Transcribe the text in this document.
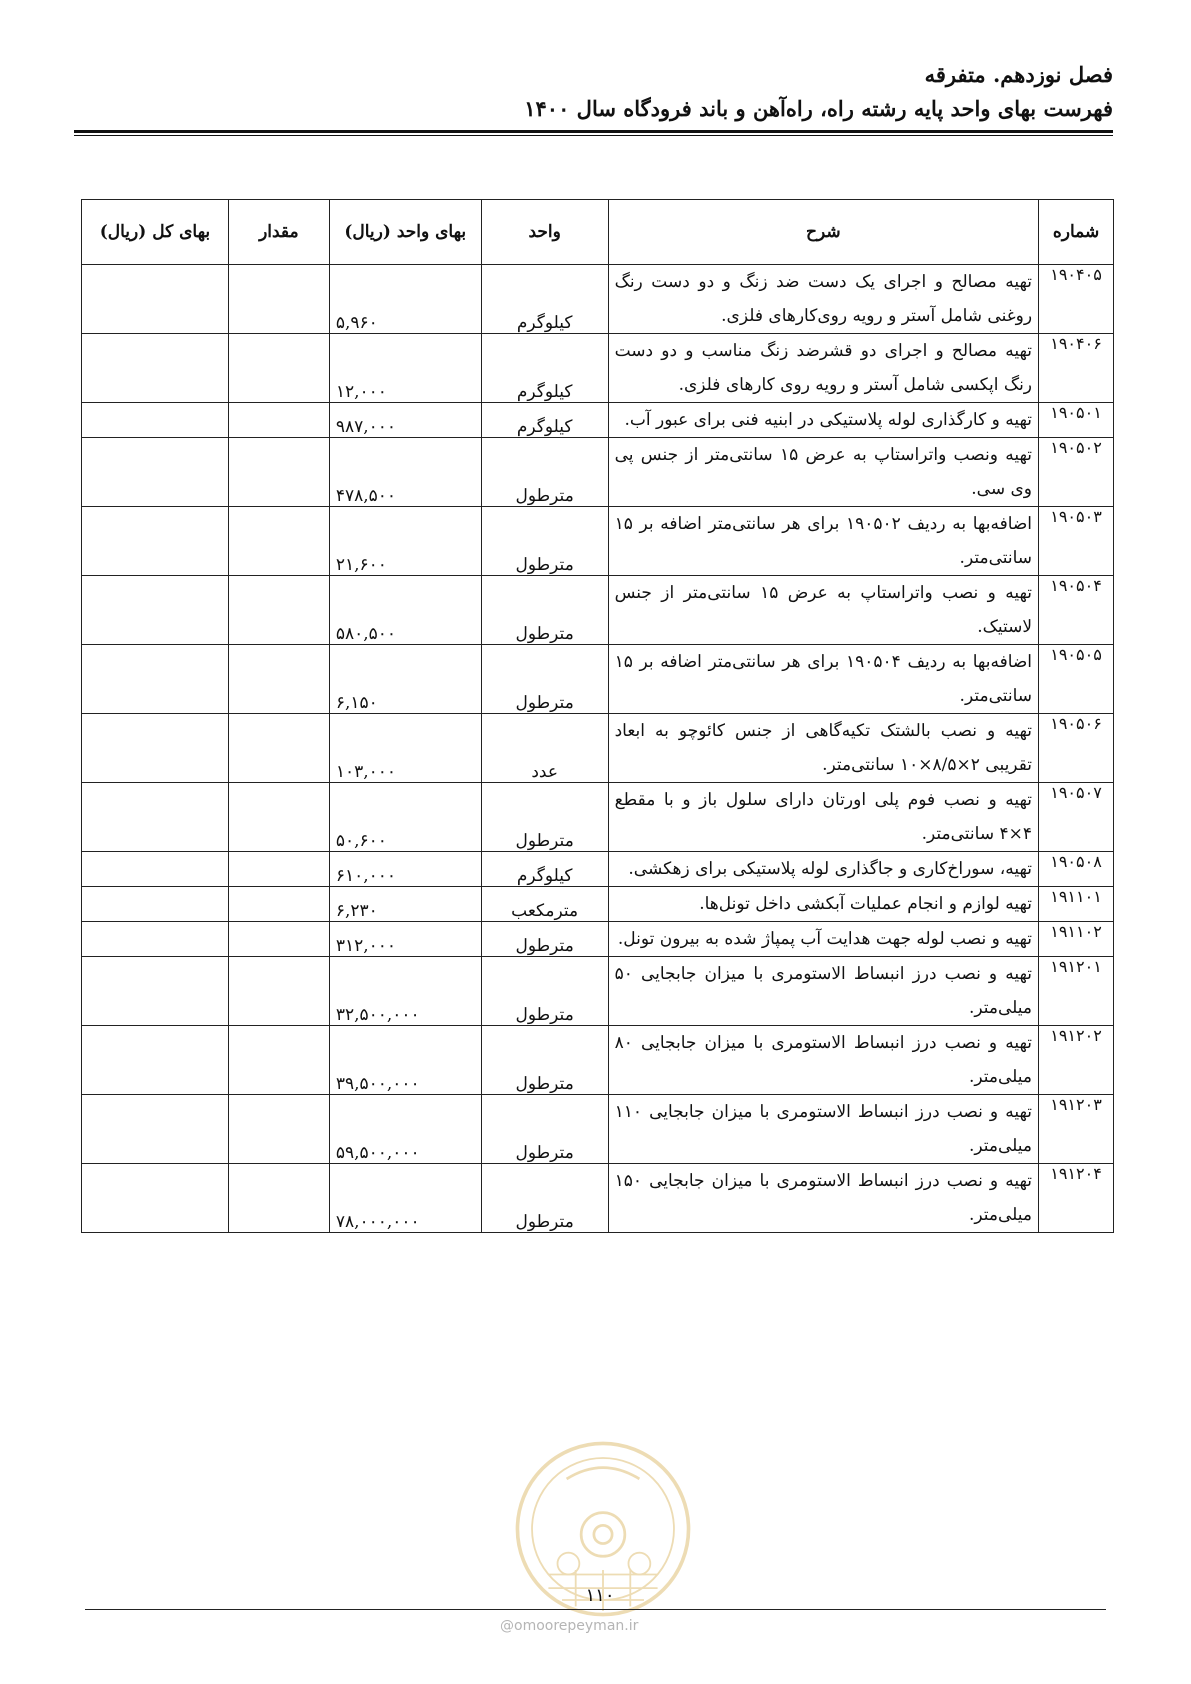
فصل نوزدهم. متفرقه
فهرست بهای واحد پایه رشته راه، راه‌آهن و باند فرودگاه سال ۱۴۰۰
شماره	شرح	واحد	بهای واحد (ریال)	مقدار	بهای کل (ریال)
۱۹۰۴۰۵	تهیه مصالح و اجرای یک دست ضد زنگ و دو دست رنگ روغنی شامل آستر و رویه روی‌کارهای فلزی.	کیلوگرم	۵,۹۶۰		
۱۹۰۴۰۶	تهیه مصالح و اجرای دو قشرضد زنگ مناسب و دو دست رنگ اپکسی شامل آستر و رویه روی کارهای فلزی.	کیلوگرم	۱۲,۰۰۰		
۱۹۰۵۰۱	تهیه و کارگذاری لوله پلاستیکی در ابنیه فنی برای عبور آب.	کیلوگرم	۹۸۷,۰۰۰		
۱۹۰۵۰۲	تهیه ونصب واتراستاپ به عرض ۱۵ سانتی‌متر از جنس پی وی سی.	مترطول	۴۷۸,۵۰۰		
۱۹۰۵۰۳	اضافه‌بها به ردیف ۱۹۰۵۰۲ برای هر سانتی‌متر اضافه بر ۱۵ سانتی‌متر.	مترطول	۲۱,۶۰۰		
۱۹۰۵۰۴	تهیه و نصب واتراستاپ به عرض ۱۵ سانتی‌متر از جنس لاستیک.	مترطول	۵۸۰,۵۰۰		
۱۹۰۵۰۵	اضافه‌بها به ردیف ۱۹۰۵۰۴ برای هر سانتی‌متر اضافه بر ۱۵ سانتی‌متر.	مترطول	۶,۱۵۰		
۱۹۰۵۰۶	تهیه و نصب بالشتک تکیه‌گاهی از جنس کائوچو به ابعاد تقریبی ۲×۸/۵×۱۰ سانتی‌متر.	عدد	۱۰۳,۰۰۰		
۱۹۰۵۰۷	تهیه و نصب فوم پلی اورتان دارای سلول باز و با مقطع ۴×۴ سانتی‌متر.	مترطول	۵۰,۶۰۰		
۱۹۰۵۰۸	تهیه، سوراخ‌کاری و جاگذاری لوله پلاستیکی برای زهکشی.	کیلوگرم	۶۱۰,۰۰۰		
۱۹۱۱۰۱	تهیه لوازم و انجام عملیات آبکشی داخل تونل‌ها.	مترمکعب	۶,۲۳۰		
۱۹۱۱۰۲	تهیه و نصب لوله جهت هدایت آب پمپاژ شده به بیرون تونل.	مترطول	۳۱۲,۰۰۰		
۱۹۱۲۰۱	تهیه و نصب درز انبساط الاستومری با میزان جابجایی ۵۰ میلی‌متر.	مترطول	۳۲,۵۰۰,۰۰۰		
۱۹۱۲۰۲	تهیه و نصب درز انبساط الاستومری با میزان جابجایی ۸۰ میلی‌متر.	مترطول	۳۹,۵۰۰,۰۰۰		
۱۹۱۲۰۳	تهیه و نصب درز انبساط الاستومری با میزان جابجایی ۱۱۰ میلی‌متر.	مترطول	۵۹,۵۰۰,۰۰۰		
۱۹۱۲۰۴	تهیه و نصب درز انبساط الاستومری با میزان جابجایی ۱۵۰ میلی‌متر.	مترطول	۷۸,۰۰۰,۰۰۰		
۱۱۰
@omoorepeyman.ir
